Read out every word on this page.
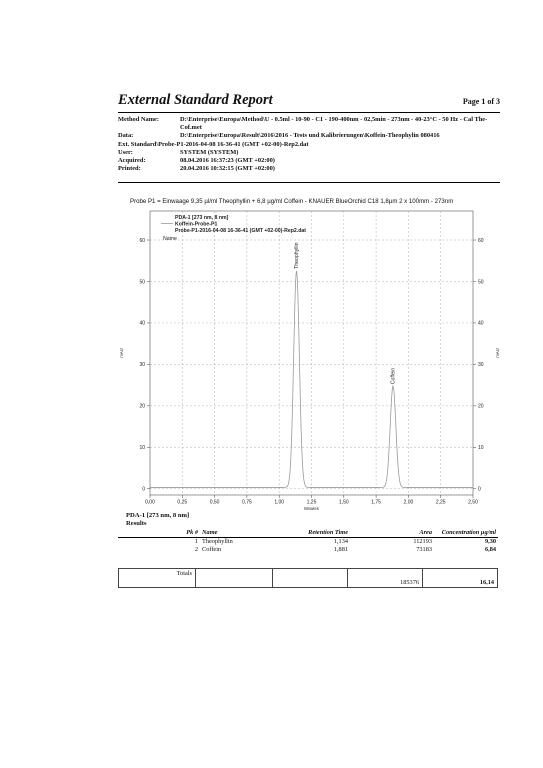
External Standard Report	Page 1 of 3
Method Name:	D:\Enterprise\Europa\Method\U - 0.5ml - 10-90 - C1 - 190-400nm - 02,5min - 273nm - 40-23°C - 50 Hz - Cal The-Cof.met
Data:	D:\Enterprise\Europa\Result\2016\2016 - Tests und Kalibrierungen\Koffein-Theophylin 080416
Ext. Standard\ Probe-P1-2016-04-08 16-36-41 (GMT +02-00)-Rep2.dat
User:	SYSTEM (SYSTEM)
Acquired:	08.04.2016 16:37:23 (GMT +02:00)
Printed:	20.04.2016 10:32:15 (GMT +02:00)
Probe P1 = Einwaage 9,35 µl/ml Theophyllin + 6,8 µg/ml Coffein - KNAUER BlueOrchid C18 1,8µm 2 x 100mm - 273nm
0	0
10	10
20	20
30	30
40	40
50	50
60	60
0,00	0,25	0,50	0,75	1,00	1,25	1,50	1,75	2,00	2,25	2,50
Minutes
mAU	mAU
PDA-1 [273 nm, 8 nm]
Koffein-Probe-P1
Probe-P1-2016-04-08 16-36-41 (GMT +02-00)-Rep2.dat
Name
Theophyllin
Coffein
PDA-1 [273 nm, 8 nm] Results
Pk #	Name	Retention Time	Area	Concentration µg/ml
1	Theophyllin	1,134	112193	9,30
2	Coffein	1,881	73183	6,84
Totals			185376	16,14
